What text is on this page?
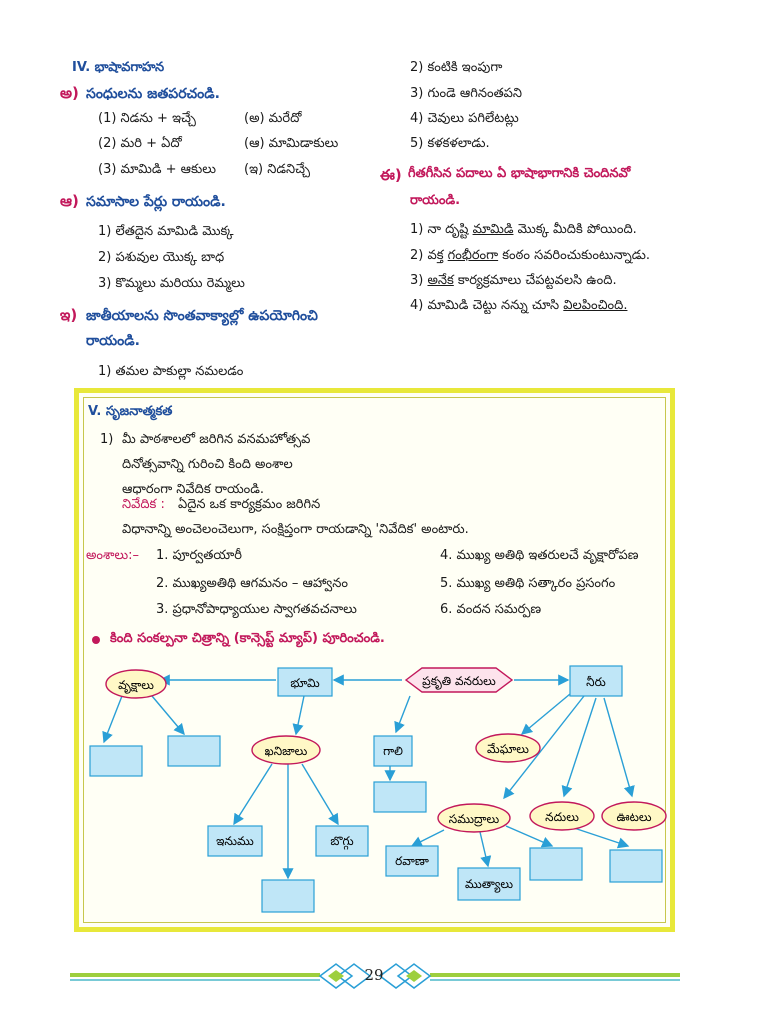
IV. భాషావగాహన
అ) సంధులను జతపరచండి.
(1) నిడను + ఇచ్చే	(అ) మరేదో
(2) మరి + ఏదో	(ఆ) మామిడాకులు
(3) మామిడి + ఆకులు (ఇ) నిడనిచ్చే
ఆ) సమాసాల పేర్లు రాయండి.
1) లేతదైన మామిడి మొక్క
2) పశువుల యొక్క బాధ
3) కొమ్మలు మరియు రెమ్మలు
ఇ) జాతీయాలను సొంతవాక్యాల్లో ఉపయోగించి
రాయండి.
1) తమల పాకుల్లా నమలడం
2) కంటికి ఇంపుగా
3) గుండె ఆగినంతపని
4) చెవులు పగిలేటట్లు
5) కళకళలాడు.
ఈ) గీతగీసిన పదాలు ఏ భాషాభాగానికి చెందినవో
రాయండి.
1) నా దృష్టి మామిడి మొక్క మీదికి పోయింది.
2) వక్త గంభీరంగా కంఠం సవరించుకుంటున్నాడు.
3) అనేక కార్యక్రమాలు చేపట్టవలసి ఉంది.
4) మామిడి చెట్టు నన్ను చూసి విలపించింది.
V. సృజనాత్మకత
1) మీ పాఠశాలలో జరిగిన వనమహోత్సవ
దినోత్సవాన్ని గురించి కింది అంశాల
ఆధారంగా నివేదిక రాయండి.
నివేదిక : ఏదైన ఒక కార్యక్రమం జరిగిన
విధానాన్ని అంచెలంచెలుగా, సంక్షిప్తంగా రాయడాన్ని 'నివేదిక' అంటారు.
అంశాలు:– 1. పూర్వతయారీ
2. ముఖ్యఅతిథి ఆగమనం – ఆహ్వానం
3. ప్రధానోపాధ్యాయుల స్వాగతవచనాలు
4. ముఖ్య అతిథి ఇతరులచే వృక్షారోపణ
5. ముఖ్య అతిథి సత్కారం ప్రసంగం
6. వందన సమర్పణ
కింది సంకల్పనా చిత్రాన్ని (కాన్సెప్ట్ మ్యాప్) పూరించండి.
ప్రకృతి వనరులు
వృక్షాలు	భూమి	నీరు
ఖనిజాలు	గాలి	మేఘాలు
ఇనుము	బొగ్గు
సముద్రాలు	నదులు	ఊటలు
రవాణా
ముత్యాలు
29
